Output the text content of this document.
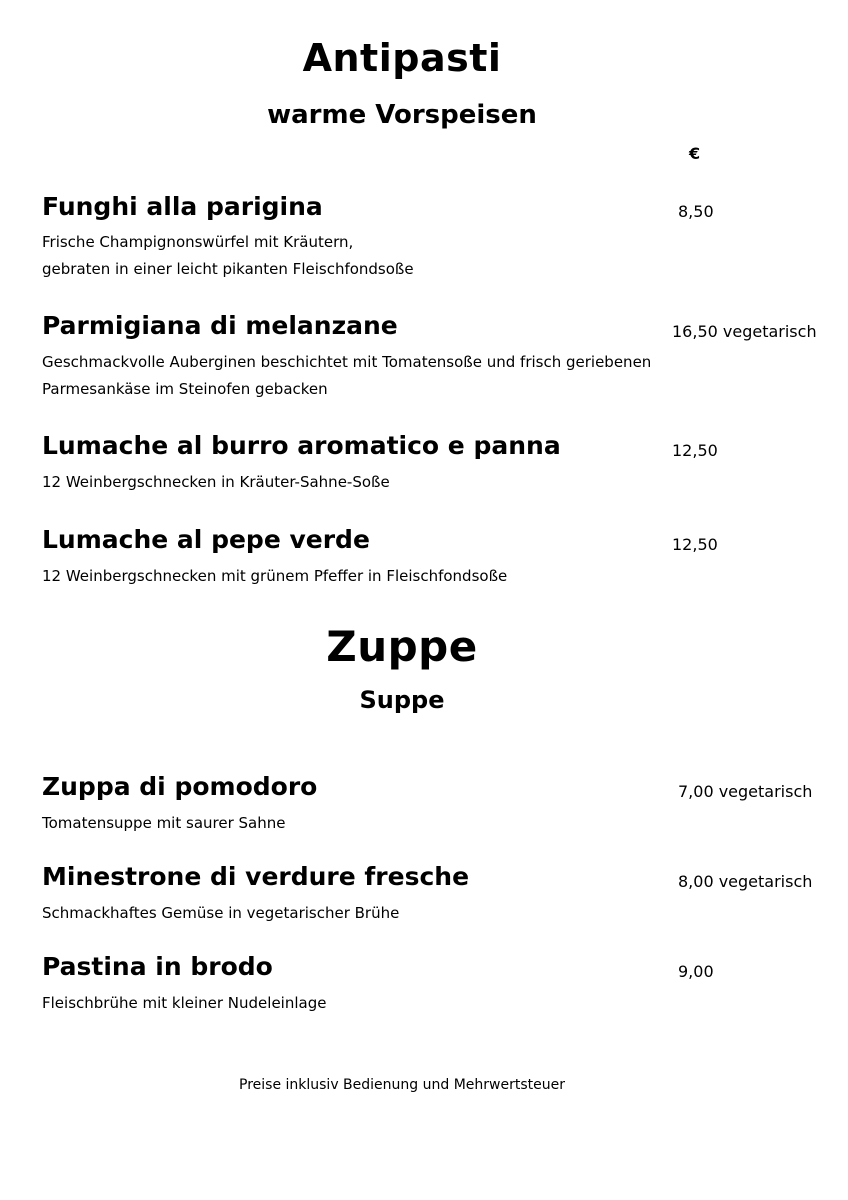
Antipasti
warme Vorspeisen
€
Funghi alla parigina	8,50
Frische Champignonswürfel mit Kräutern,
gebraten in einer leicht pikanten Fleischfondsoße
Parmigiana di melanzane	16,50 vegetarisch
Geschmackvolle Auberginen beschichtet mit Tomatensoße und frisch geriebenen
Parmesankäse im Steinofen gebacken
Lumache al burro aromatico e panna	12,50
12 Weinbergschnecken in Kräuter-Sahne-Soße
Lumache al pepe verde	12,50
12 Weinbergschnecken mit grünem Pfeffer in Fleischfondsoße
Zuppe
Suppe
Zuppa di pomodoro	7,00 vegetarisch
Tomatensuppe mit saurer Sahne
Minestrone di verdure fresche	8,00 vegetarisch
Schmackhaftes Gemüse in vegetarischer Brühe
Pastina in brodo	9,00
Fleischbrühe mit kleiner Nudeleinlage
Preise inklusiv Bedienung und Mehrwertsteuer
